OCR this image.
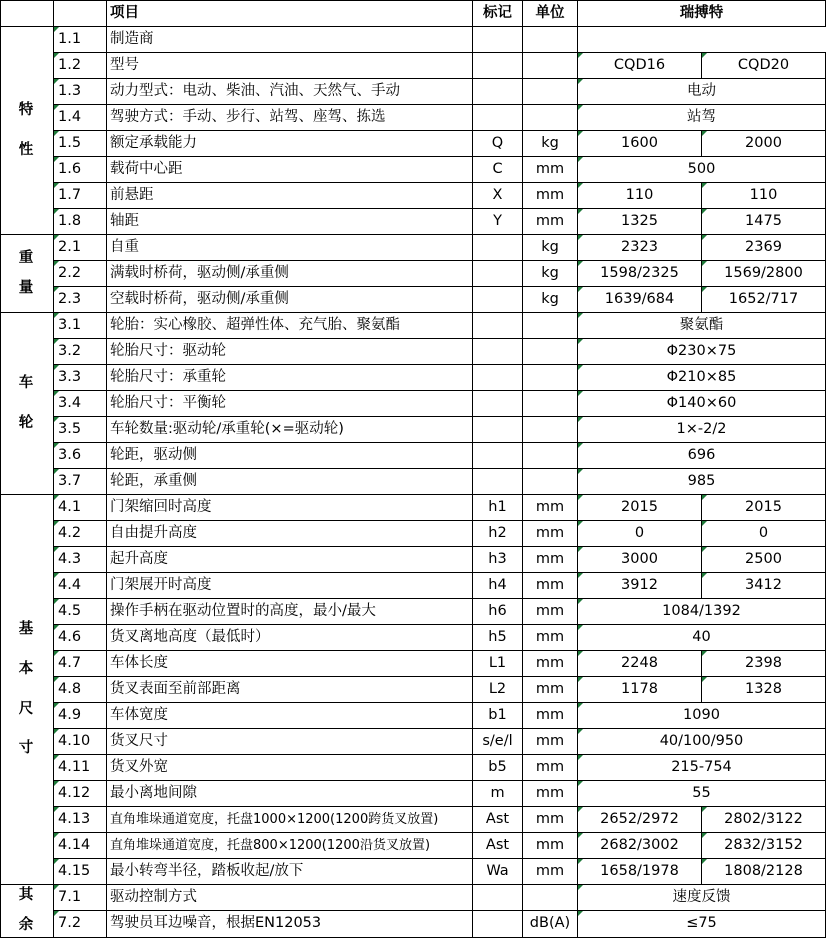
		项目	标记	单位	瑞搏特	

特
性	1.1	制造商				
	1.2	型号			CQD16	CQD20
	1.3	动力型式：电动、柴油、汽油、天然气、手动			电动	
	1.4	驾驶方式：手动、步行、站驾、座驾、拣选			站驾	
	1.5	额定承载能力	Q	kg	1600	2000
	1.6	载荷中心距	C	mm	500	
	1.7	前悬距	X	mm	110	110
	1.8	轴距	Y	mm	1325	1475

重
量	2.1	自重		kg	2323	2369
	2.2	满载时桥荷，驱动侧/承重侧		kg	1598/2325	1569/2800
	2.3	空载时桥荷，驱动侧/承重侧		kg	1639/684	1652/717

车
轮	3.1	轮胎：实心橡胶、超弹性体、充气胎、聚氨酯			聚氨酯	
	3.2	轮胎尺寸：驱动轮			Φ230×75	
	3.3	轮胎尺寸：承重轮			Φ210×85	
	3.4	轮胎尺寸：平衡轮			Φ140×60	
	3.5	车轮数量:驱动轮/承重轮(×=驱动轮)			1×-2/2	
	3.6	轮距，驱动侧			696	
	3.7	轮距，承重侧			985	

基
本
尺
寸	4.1	门架缩回时高度	h1	mm	2015	2015
	4.2	自由提升高度	h2	mm	0	0
	4.3	起升高度	h3	mm	3000	2500
	4.4	门架展开时高度	h4	mm	3912	3412
	4.5	操作手柄在驱动位置时的高度，最小/最大	h6	mm	1084/1392	
	4.6	货叉离地高度（最低时）	h5	mm	40	
	4.7	车体长度	L1	mm	2248	2398
	4.8	货叉表面至前部距离	L2	mm	1178	1328
	4.9	车体宽度	b1	mm	1090	
	4.10	货叉尺寸	s/e/l	mm	40/100/950	
	4.11	货叉外宽	b5	mm	215-754	
	4.12	最小离地间隙	m	mm	55	
	4.13	直角堆垛通道宽度，托盘1000×1200(1200跨货叉放置)	Ast	mm	2652/2972	2802/3122
	4.14	直角堆垛通道宽度，托盘800×1200(1200沿货叉放置)	Ast	mm	2682/3002	2832/3152
	4.15	最小转弯半径，踏板收起/放下	Wa	mm	1658/1978	1808/2128

其
余	7.1	驱动控制方式			速度反馈	
	7.2	驾驶员耳边噪音，根据EN12053		dB(A)	≤75	
